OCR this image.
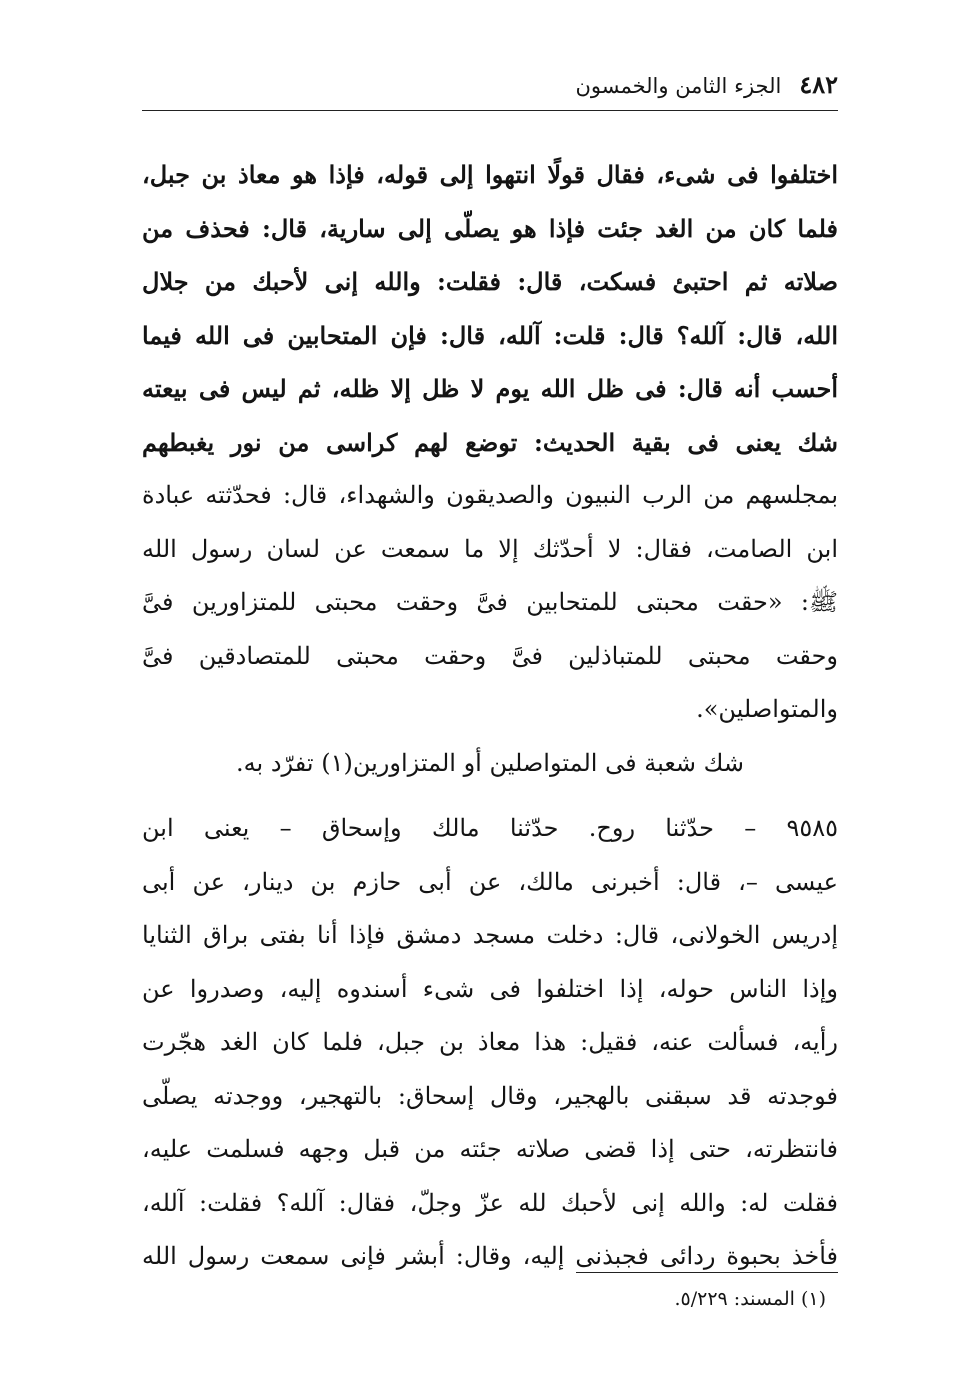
٤٨٢
الجزء الثامن والخمسون
اختلفوا فى شىء، فقال قولًا انتهوا إلى قوله، فإذا هو معاذ بن جبل،
فلما كان من الغد جئت فإذا هو يصلّى إلى سارية، قال: فحذف من
صلاته ثم احتبئ فسكت، قال: فقلت: والله إنى لأحبك من جلال
الله، قال: آلله؟ قال: قلت: آلله، قال: فإن المتحابين فى الله فيما
أحسب أنه قال: فى ظل الله يوم لا ظل إلا ظله، ثم ليس فى بيعته
شك يعنى فى بقية الحديث: توضع لهم كراسى من نور يغبطهم
بمجلسهم من الرب النبيون والصديقون والشهداء، قال: فحدّثته عبادة
ابن الصامت، فقال: لا أحدّثك إلا ما سمعت عن لسان رسول الله
ﷺ: «حقت محبتى للمتحابين فىَّ وحقت محبتى للمتزاورين فىَّ
وحقت محبتى للمتباذلين فىَّ وحقت محبتى للمتصادقين فىَّ
والمتواصلين».
شك شعبة فى المتواصلين أو المتزاورين(١) تفرّد به.
٩٥٨٥ – حدّثنا روح. حدّثنا مالك وإسحاق – يعنى ابن
عيسى –، قال: أخبرنى مالك، عن أبى حازم بن دينار، عن أبى
إدريس الخولانى، قال: دخلت مسجد دمشق فإذا أنا بفتى براق الثنايا
وإذا الناس حوله، إذا اختلفوا فى شىء أسندوه إليه، وصدروا عن
رأيه، فسألت عنه، فقيل: هذا معاذ بن جبل، فلما كان الغد هجّرت
فوجدته قد سبقنى بالهجير، وقال إسحاق: بالتهجير، ووجدته يصلّى
فانتظرته، حتى إذا قضى صلاته جئته من قبل وجهه فسلمت عليه،
فقلت له: والله إنى لأحبك لله عزّ وجلّ، فقال: آلله؟ فقلت: آلله،
فأخذ بحبوة ردائى فجبذنى إليه، وقال: أبشر فإنى سمعت رسول الله
(١) المسند: ٥/٢٢٩.
